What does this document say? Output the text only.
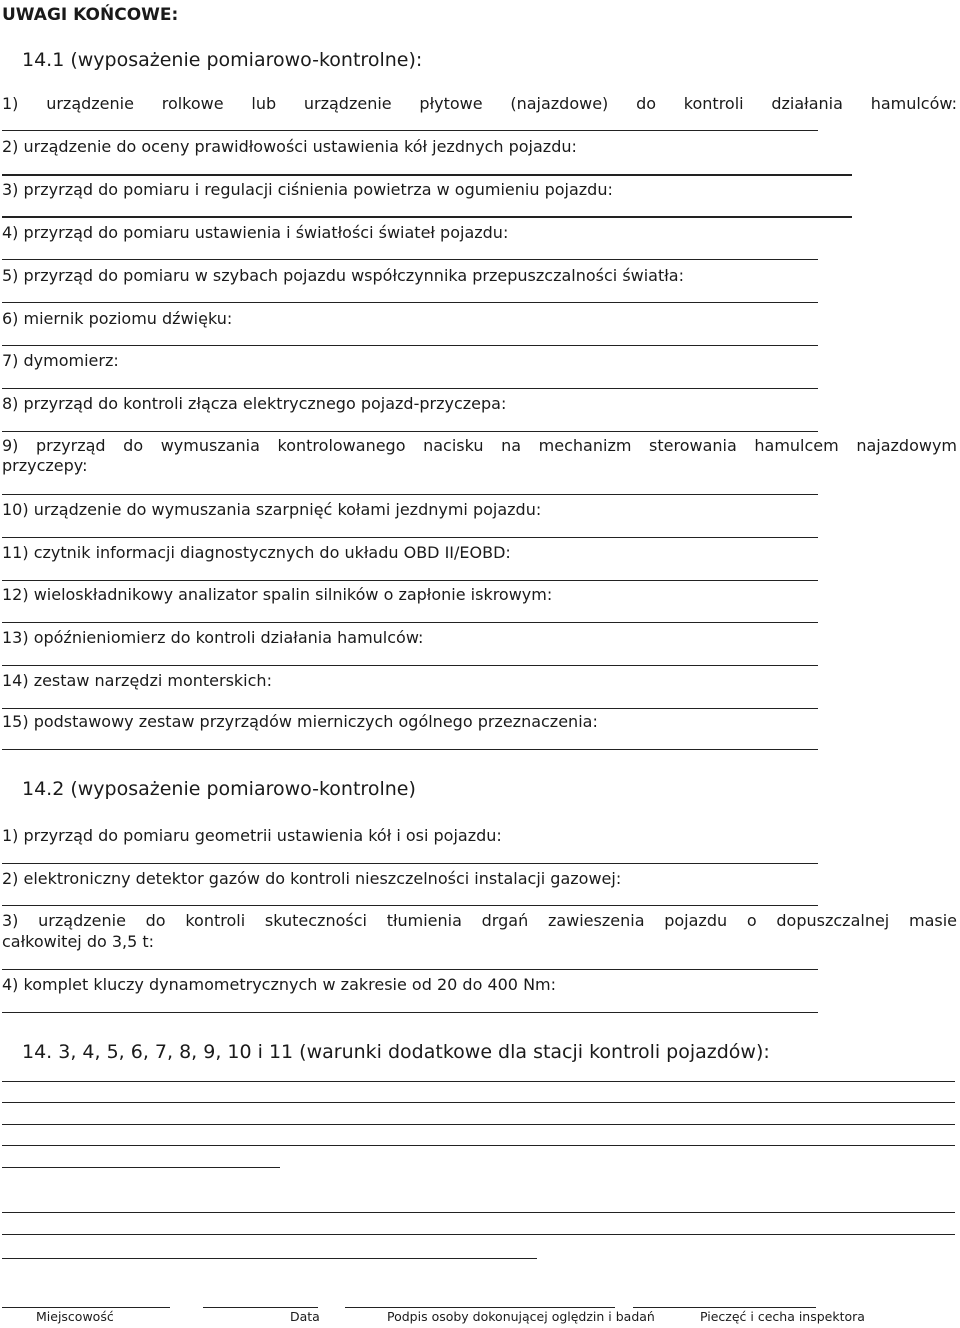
UWAGI KOŃCOWE:
14.1 (wyposażenie pomiarowo-kontrolne):
1) urządzenie rolkowe lub urządzenie płytowe (najazdowe) do kontroli działania hamulców:
2) urządzenie do oceny prawidłowości ustawienia kół jezdnych pojazdu:
3) przyrząd do pomiaru i regulacji ciśnienia powietrza w ogumieniu pojazdu:
4) przyrząd do pomiaru ustawienia i światłości świateł pojazdu:
5) przyrząd do pomiaru w szybach pojazdu współczynnika przepuszczalności światła:
6) miernik poziomu dźwięku:
7) dymomierz:
8) przyrząd do kontroli złącza elektrycznego pojazd-przyczepa:
9) przyrząd do wymuszania kontrolowanego nacisku na mechanizm sterowania hamulcem najazdowym
przyczepy:
10) urządzenie do wymuszania szarpnięć kołami jezdnymi pojazdu:
11) czytnik informacji diagnostycznych do układu OBD II/EOBD:
12) wieloskładnikowy analizator spalin silników o zapłonie iskrowym:
13) opóźnieniomierz do kontroli działania hamulców:
14) zestaw narzędzi monterskich:
15) podstawowy zestaw przyrządów mierniczych ogólnego przeznaczenia:
14.2 (wyposażenie pomiarowo-kontrolne)
1) przyrząd do pomiaru geometrii ustawienia kół i osi pojazdu:
2) elektroniczny detektor gazów do kontroli nieszczelności instalacji gazowej:
3) urządzenie do kontroli skuteczności tłumienia drgań zawieszenia pojazdu o dopuszczalnej masie
całkowitej do 3,5 t:
4) komplet kluczy dynamometrycznych w zakresie od 20 do 400 Nm:
14. 3, 4, 5, 6, 7, 8, 9, 10 i 11 (warunki dodatkowe dla stacji kontroli pojazdów):
Miejscowość	Data	Podpis osoby dokonującej oględzin i badań	Pieczęć i cecha inspektora
